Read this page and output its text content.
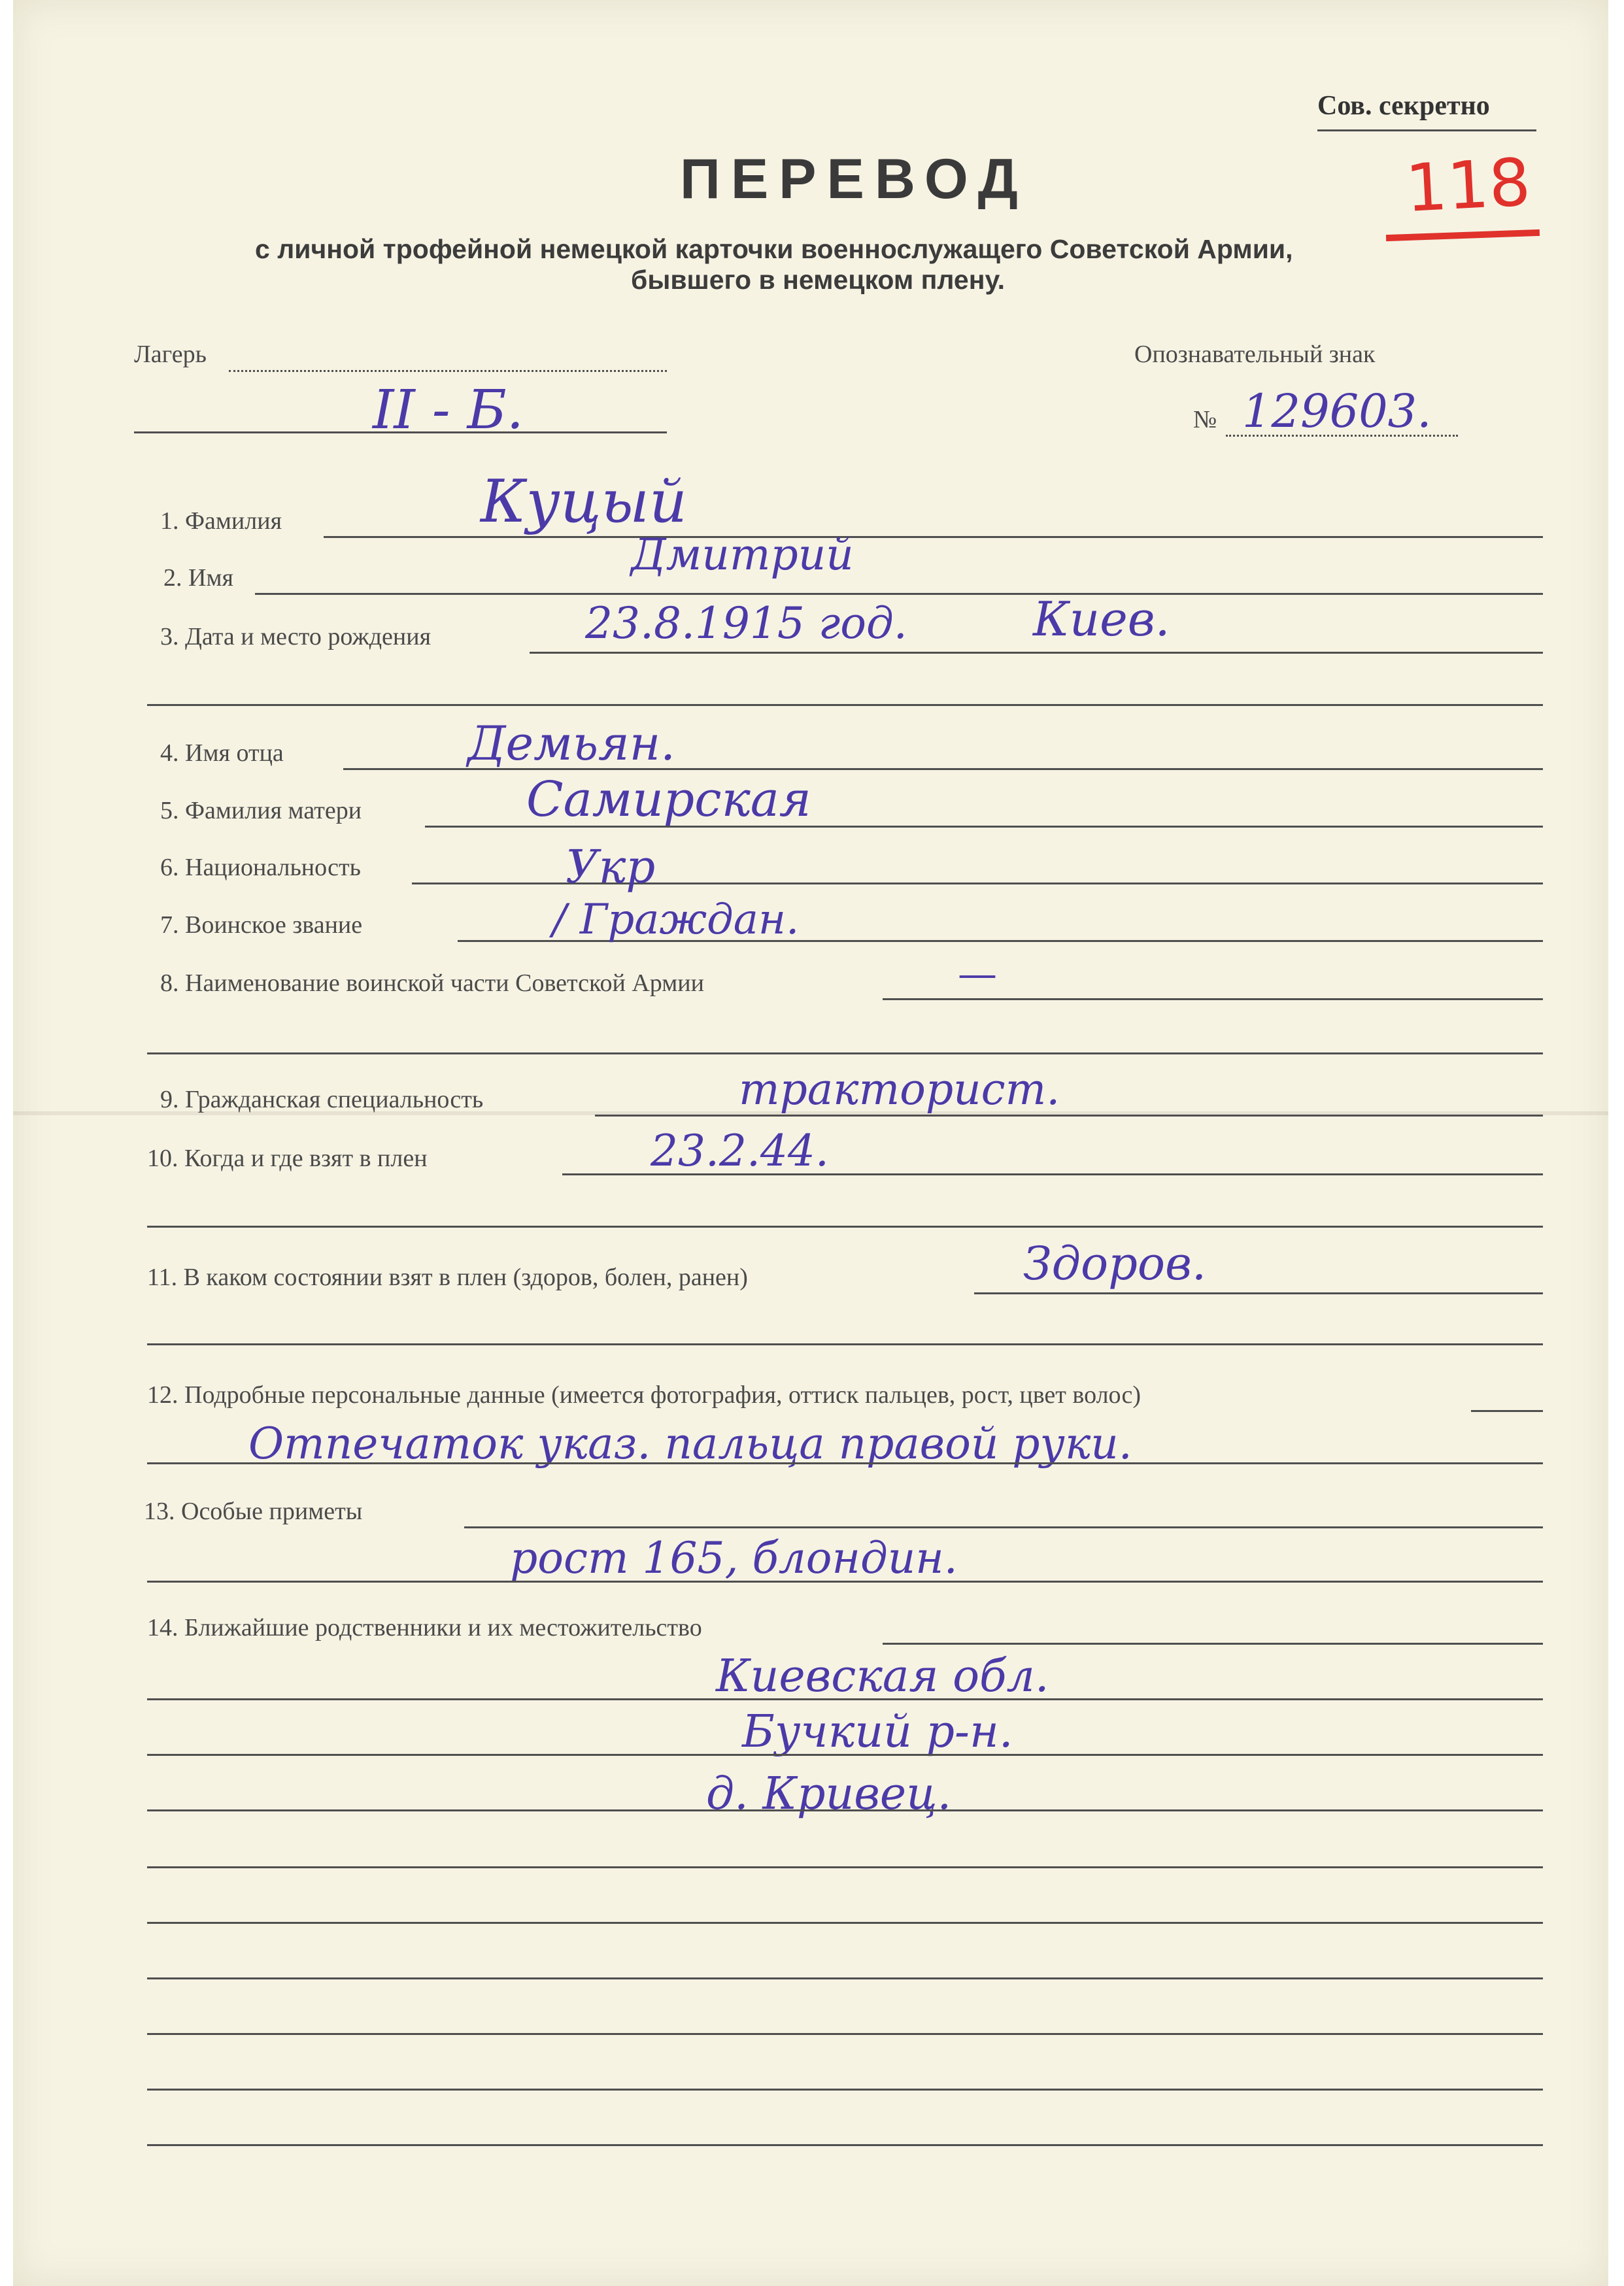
Сов. секретно
118
ПЕРЕВОД
с личной трофейной немецкой карточки военнослужащего Советской Армии,
бывшего в немецком плену.
Лагерь
II - Б.
Опознавательный знак
№ 129603.
1. Фамилия	Куцый
2. Имя	Дмитрий
3. Дата и место рождения	23.8.1915 год.	Киев.
4. Имя отца	Демьян.
5. Фамилия матери	Самирская
6. Национальность	Укр
7. Воинское звание	/ Граждан.
8. Наименование воинской части Советской Армии	—
9. Гражданская специальность	тракторист.
10. Когда и где взят в плен	23.2.44.
11. В каком состоянии взят в плен (здоров, болен, ранен)	Здоров.
12. Подробные персональные данные (имеется фотография, оттиск пальцев, рост, цвет волос)
Отпечаток указ. пальца правой руки.
13. Особые приметы
рост 165, блондин.
14. Ближайшие родственники и их местожительство
Киевская обл.
Бучкий р-н.
д. Кривец.
